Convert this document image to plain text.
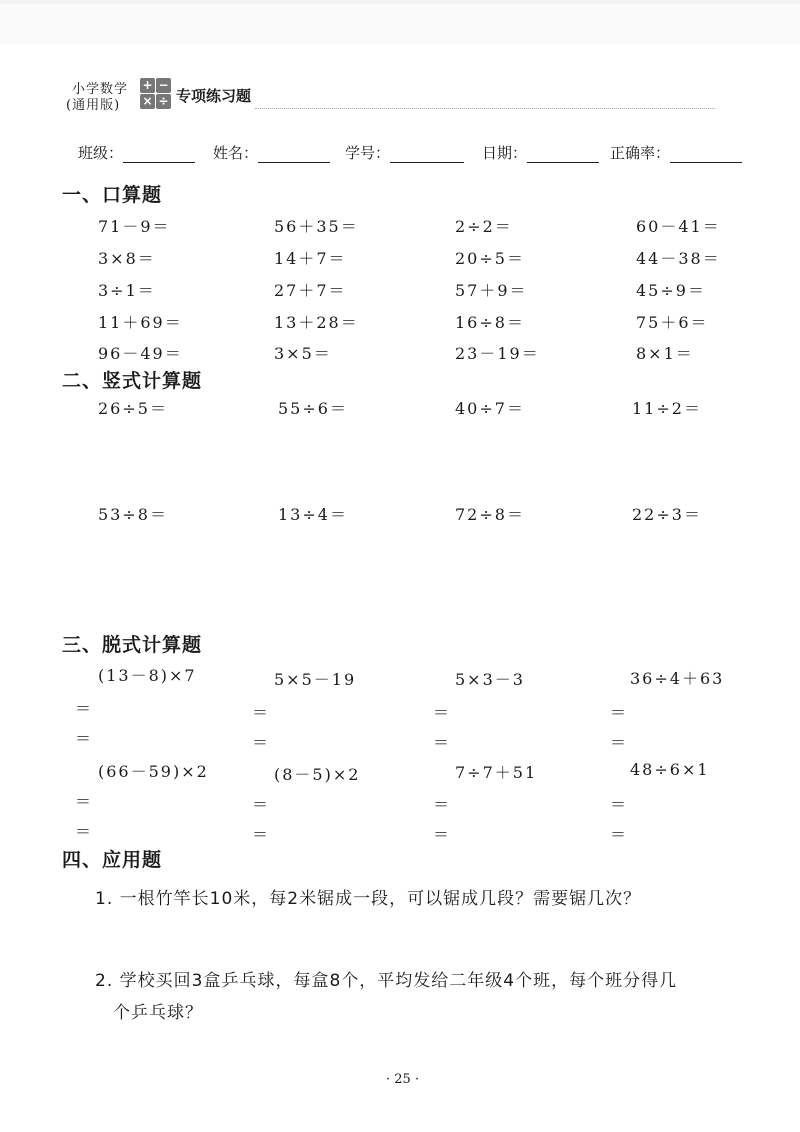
小学数学
(通用版)
+ −
× ÷ 专项练习题
班级：	姓名：	学号：	日期：	正确率：
一、口算题
71－9＝	56＋35＝	2÷2＝	60－41＝
3×8＝	14＋7＝	20÷5＝	44－38＝
3÷1＝	27＋7＝	57＋9＝	45÷9＝
11＋69＝	13＋28＝	16÷8＝	75＋6＝
96－49＝	3×5＝	23－19＝	8×1＝
二、竖式计算题
26÷5＝	55÷6＝	40÷7＝	11÷2＝
53÷8＝	13÷4＝	72÷8＝	22÷3＝
三、脱式计算题
(13－8)×7	5×5－19	5×3－3	36÷4＋63
＝	＝	＝	＝
＝	＝	＝	＝
(66－59)×2	(8－5)×2	7÷7＋51	48÷6×1
＝	＝	＝	＝
＝	＝	＝	＝
四、应用题
1. 一根竹竿长10米，每2米锯成一段，可以锯成几段？需要锯几次？
2. 学校买回3盒乒乓球，每盒8个，平均发给二年级4个班，每个班分得几
个乒乓球？
· 25 ·
